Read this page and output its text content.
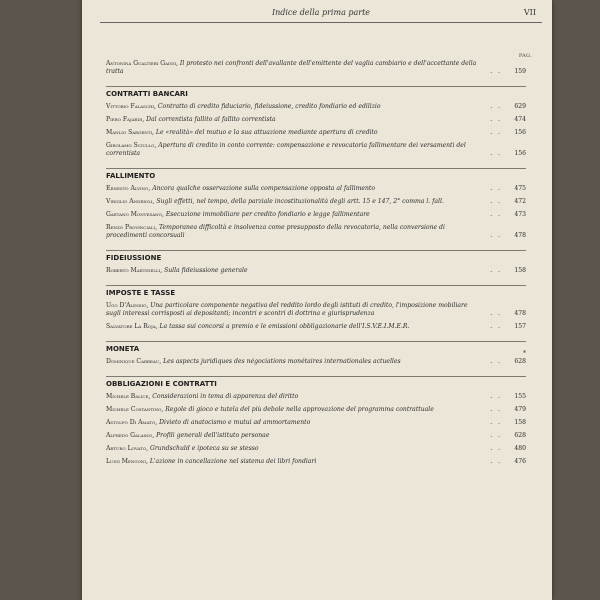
Indice della prima parte	VII
PAG.
Antonina Gualtieri Gaddi, Il protesto nei confronti dell'avallante dell'emittente del vaglia cambiario e dell'accettante della tratta	. .	159
CONTRATTI BANCARI
Vittorio Falaschi, Contratto di credito fiduciario, fideiussione, credito fondiario ed edilizio	. .	629
Piero Fajardi, Dal correntista fallito al fallito correntista	. .	474
Manlio Sargenti, Le «realità» del mutuo e la sua attuazione mediante apertura di credito	. .	156
Girolamo Sciullo, Apertura di credito in conto corrente: compensazione e revocatoria fallimentare dei versamenti del correntista	. .	156
FALLIMENTO
Ernesto Alvino, Ancora qualche osservazione sulla compensazione opposta al fallimento	. .	475
Virgilio Andrioli, Sugli effetti, nel tempo, della parziale incostituzionalità degli artt. 15 e 147, 2° comma l. fall.	. .	472
Gaetano Monvesano, Esecuzione immobiliare per credito fondiario e legge fallimentare	. .	473
Renzo Provinciali, Temporanea difficoltà e insolvenza come presupposto della revocatoria, nella conversione di procedimenti concorsuali	. .	478
FIDEIUSSIONE
Roberto Martinelli, Sulla fideiussione generale	. .	158
IMPOSTE E TASSE
Ugo D'Alessio, Una particolare componente negativa del reddito lordo degli istituti di credito, l'imposizione mobiliare sugli interessi corrisposti ai depositanti; incontri e scontri di dottrina e giurisprudenza	. .	478
Salvatore La Roja, La tassa sui concorsi a premio e le emissioni obbligazionarie dell'I.S.V.E.I.M.E.R.	. .	157
MONETA
Dominique Carreau, Les aspects juridiques des négociations monétaires internationales actuelles	. .
*	628
OBBLIGAZIONI E CONTRATTI
Michele Balice, Considerazioni in tema di apparenza del diritto	. .	155
Michele Costantino, Regole di gioco e tutela del più debole nella approvazione del programma contrattuale	. .	479
Astolfo Di Amato, Divieto di anatocismo e mutui ad ammortamento	. .	158
Alfredo Galasso, Profili generali dell'istituto personae	. .	628
Arturo Lovato, Grundschuld e ipoteca su se stesso	. .	480
Luigi Mengoni, L'azione in cancellazione nel sistema dei libri fondiari	. .	476
